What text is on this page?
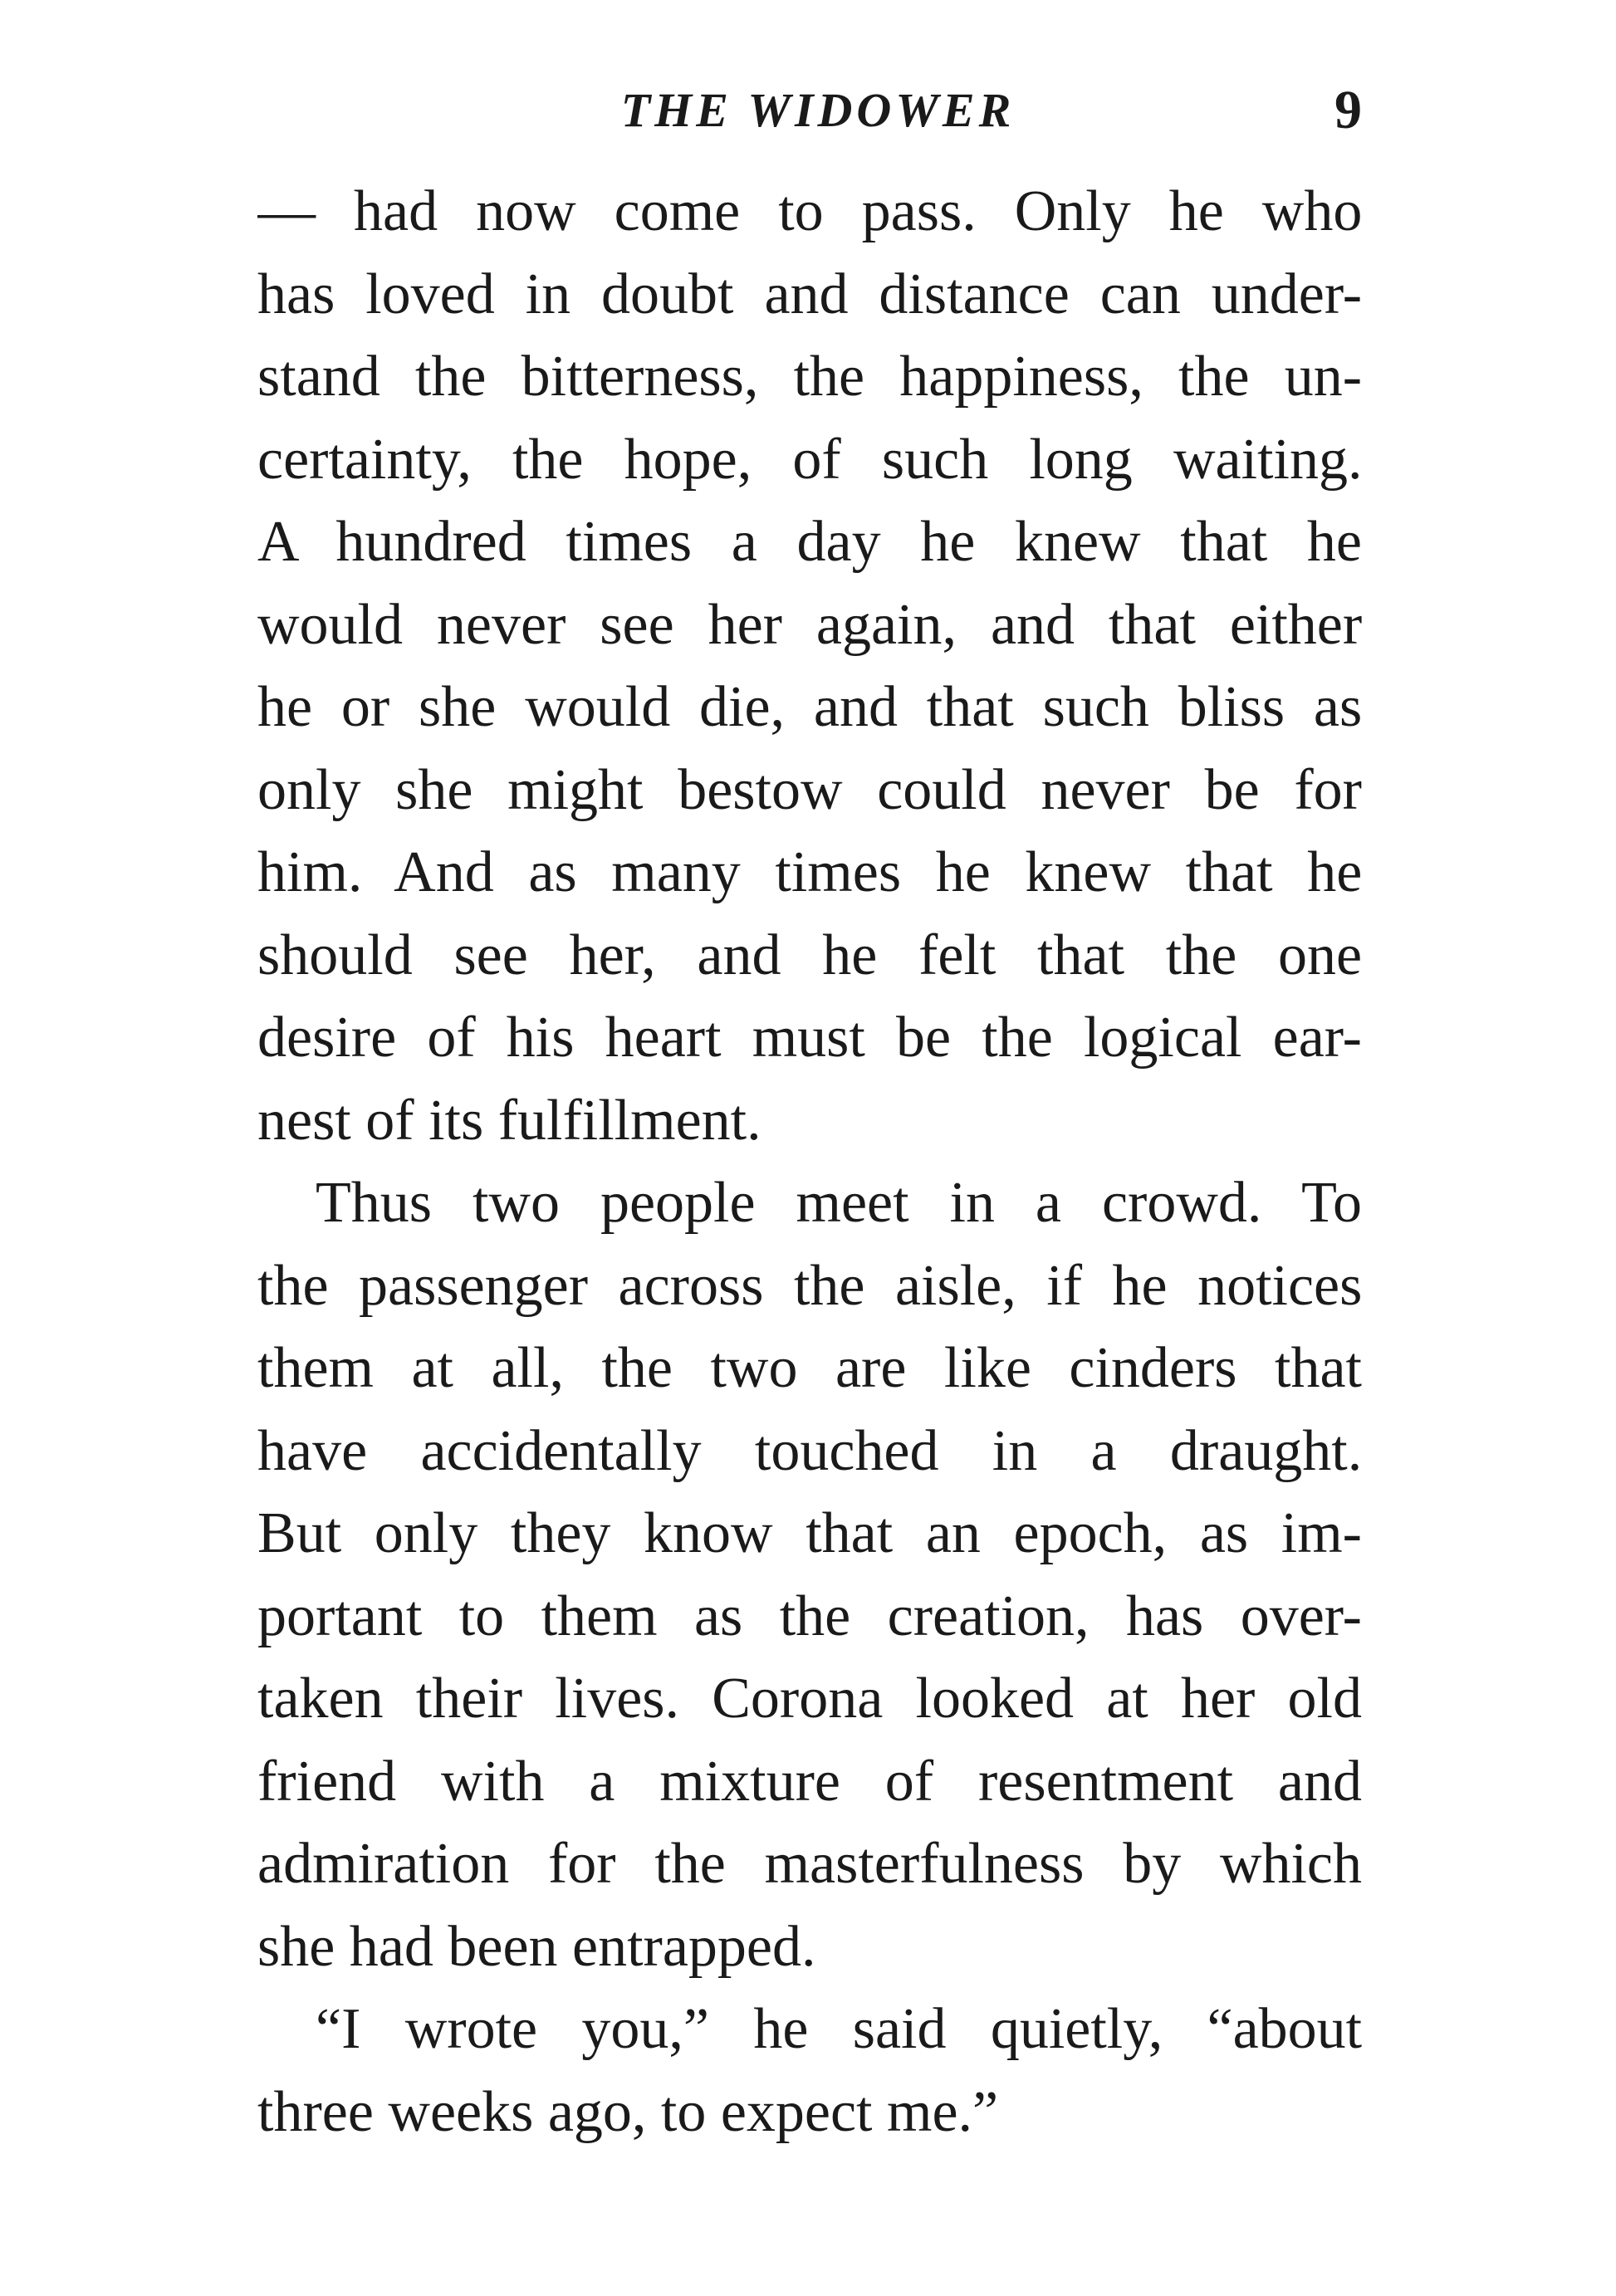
THE WIDOWER	9

— had now come to pass. Only he who
has loved in doubt and distance can under-
stand the bitterness, the happiness, the un-
certainty, the hope, of such long waiting.
A hundred times a day he knew that he
would never see her again, and that either
he or she would die, and that such bliss as
only she might bestow could never be for
him. And as many times he knew that he
should see her, and he felt that the one
desire of his heart must be the logical ear-
nest of its fulfillment.

Thus two people meet in a crowd. To
the passenger across the aisle, if he notices
them at all, the two are like cinders that
have accidentally touched in a draught.
But only they know that an epoch, as im-
portant to them as the creation, has over-
taken their lives. Corona looked at her old
friend with a mixture of resentment and
admiration for the masterfulness by which
she had been entrapped.

“I wrote you,” he said quietly, “about
three weeks ago, to expect me.”
